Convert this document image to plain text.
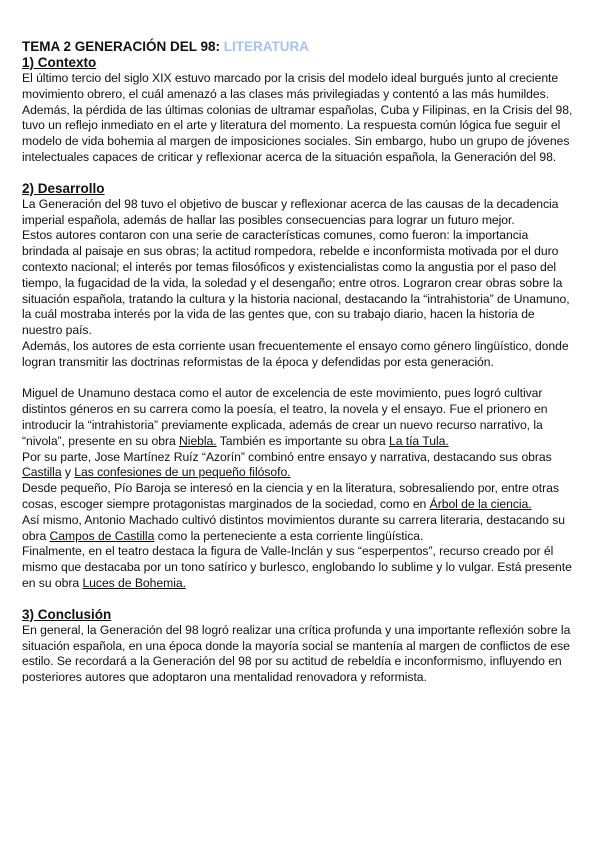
TEMA 2 GENERACIÓN DEL 98: LITERATURA
1) Contexto

El último tercio del siglo XIX estuvo marcado por la crisis del modelo ideal burgués junto al creciente movimiento obrero, el cuál amenazó a las clases más privilegiadas y contentó a las más humildes. Además, la pérdida de las últimas colonias de ultramar españolas, Cuba y Filipinas, en la Crisis del 98, tuvo un reflejo inmediato en el arte y literatura del momento. La respuesta común lógica fue seguir el modelo de vida bohemia al margen de imposiciones sociales. Sin embargo, hubo un grupo de jóvenes intelectuales capaces de criticar y reflexionar acerca de la situación española, la Generación del 98.

2) Desarrollo

La Generación del 98 tuvo el objetivo de buscar y reflexionar acerca de las causas de la decadencia imperial española, además de hallar las posibles consecuencias para lograr un futuro mejor.

Estos autores contaron con una serie de características comunes, como fueron: la importancia brindada al paisaje en sus obras; la actitud rompedora, rebelde e inconformista motivada por el duro contexto nacional; el interés por temas filosóficos y existencialistas como la angustia por el paso del tiempo, la fugacidad de la vida, la soledad y el desengaño; entre otros. Lograron crear obras sobre la situación española, tratando la cultura y la historia nacional, destacando la “intrahistoria” de Unamuno, la cuál mostraba interés por la vida de las gentes que, con su trabajo diario, hacen la historia de nuestro país.

Además, los autores de esta corriente usan frecuentemente el ensayo como género lingüístico, donde logran transmitir las doctrinas reformistas de la época y defendidas por esta generación.

Miguel de Unamuno destaca como el autor de excelencia de este movimiento, pues logró cultivar distintos géneros en su carrera como la poesía, el teatro, la novela y el ensayo. Fue el prionero en introducir la “intrahistoria” previamente explicada, además de crear un nuevo recurso narrativo, la “nivola”, presente en su obra Niebla. También es importante su obra La tía Tula.

Por su parte, Jose Martínez Ruíz “Azorín” combinó entre ensayo y narrativa, destacando sus obras Castilla y Las confesiones de un pequeño filósofo.

Desde pequeño, Pío Baroja se interesó en la ciencia y en la literatura, sobresaliendo por, entre otras cosas, escoger siempre protagonistas marginados de la sociedad, como en Árbol de la ciencia.

Así mismo, Antonio Machado cultivó distintos movimientos durante su carrera literaria, destacando su obra Campos de Castilla como la perteneciente a esta corriente lingüística.

Finalmente, en el teatro destaca la figura de Valle-Inclán y sus “esperpentos”, recurso creado por él mismo que destacaba por un tono satírico y burlesco, englobando lo sublime y lo vulgar. Está presente en su obra Luces de Bohemia.

3) Conclusión

En general, la Generación del 98 logró realizar una crítica profunda y una importante reflexión sobre la situación española, en una época donde la mayoría social se mantenía al margen de conflictos de ese estilo. Se recordará a la Generación del 98 por su actitud de rebeldía e inconformismo, influyendo en posteriores autores que adoptaron una mentalidad renovadora y reformista.
